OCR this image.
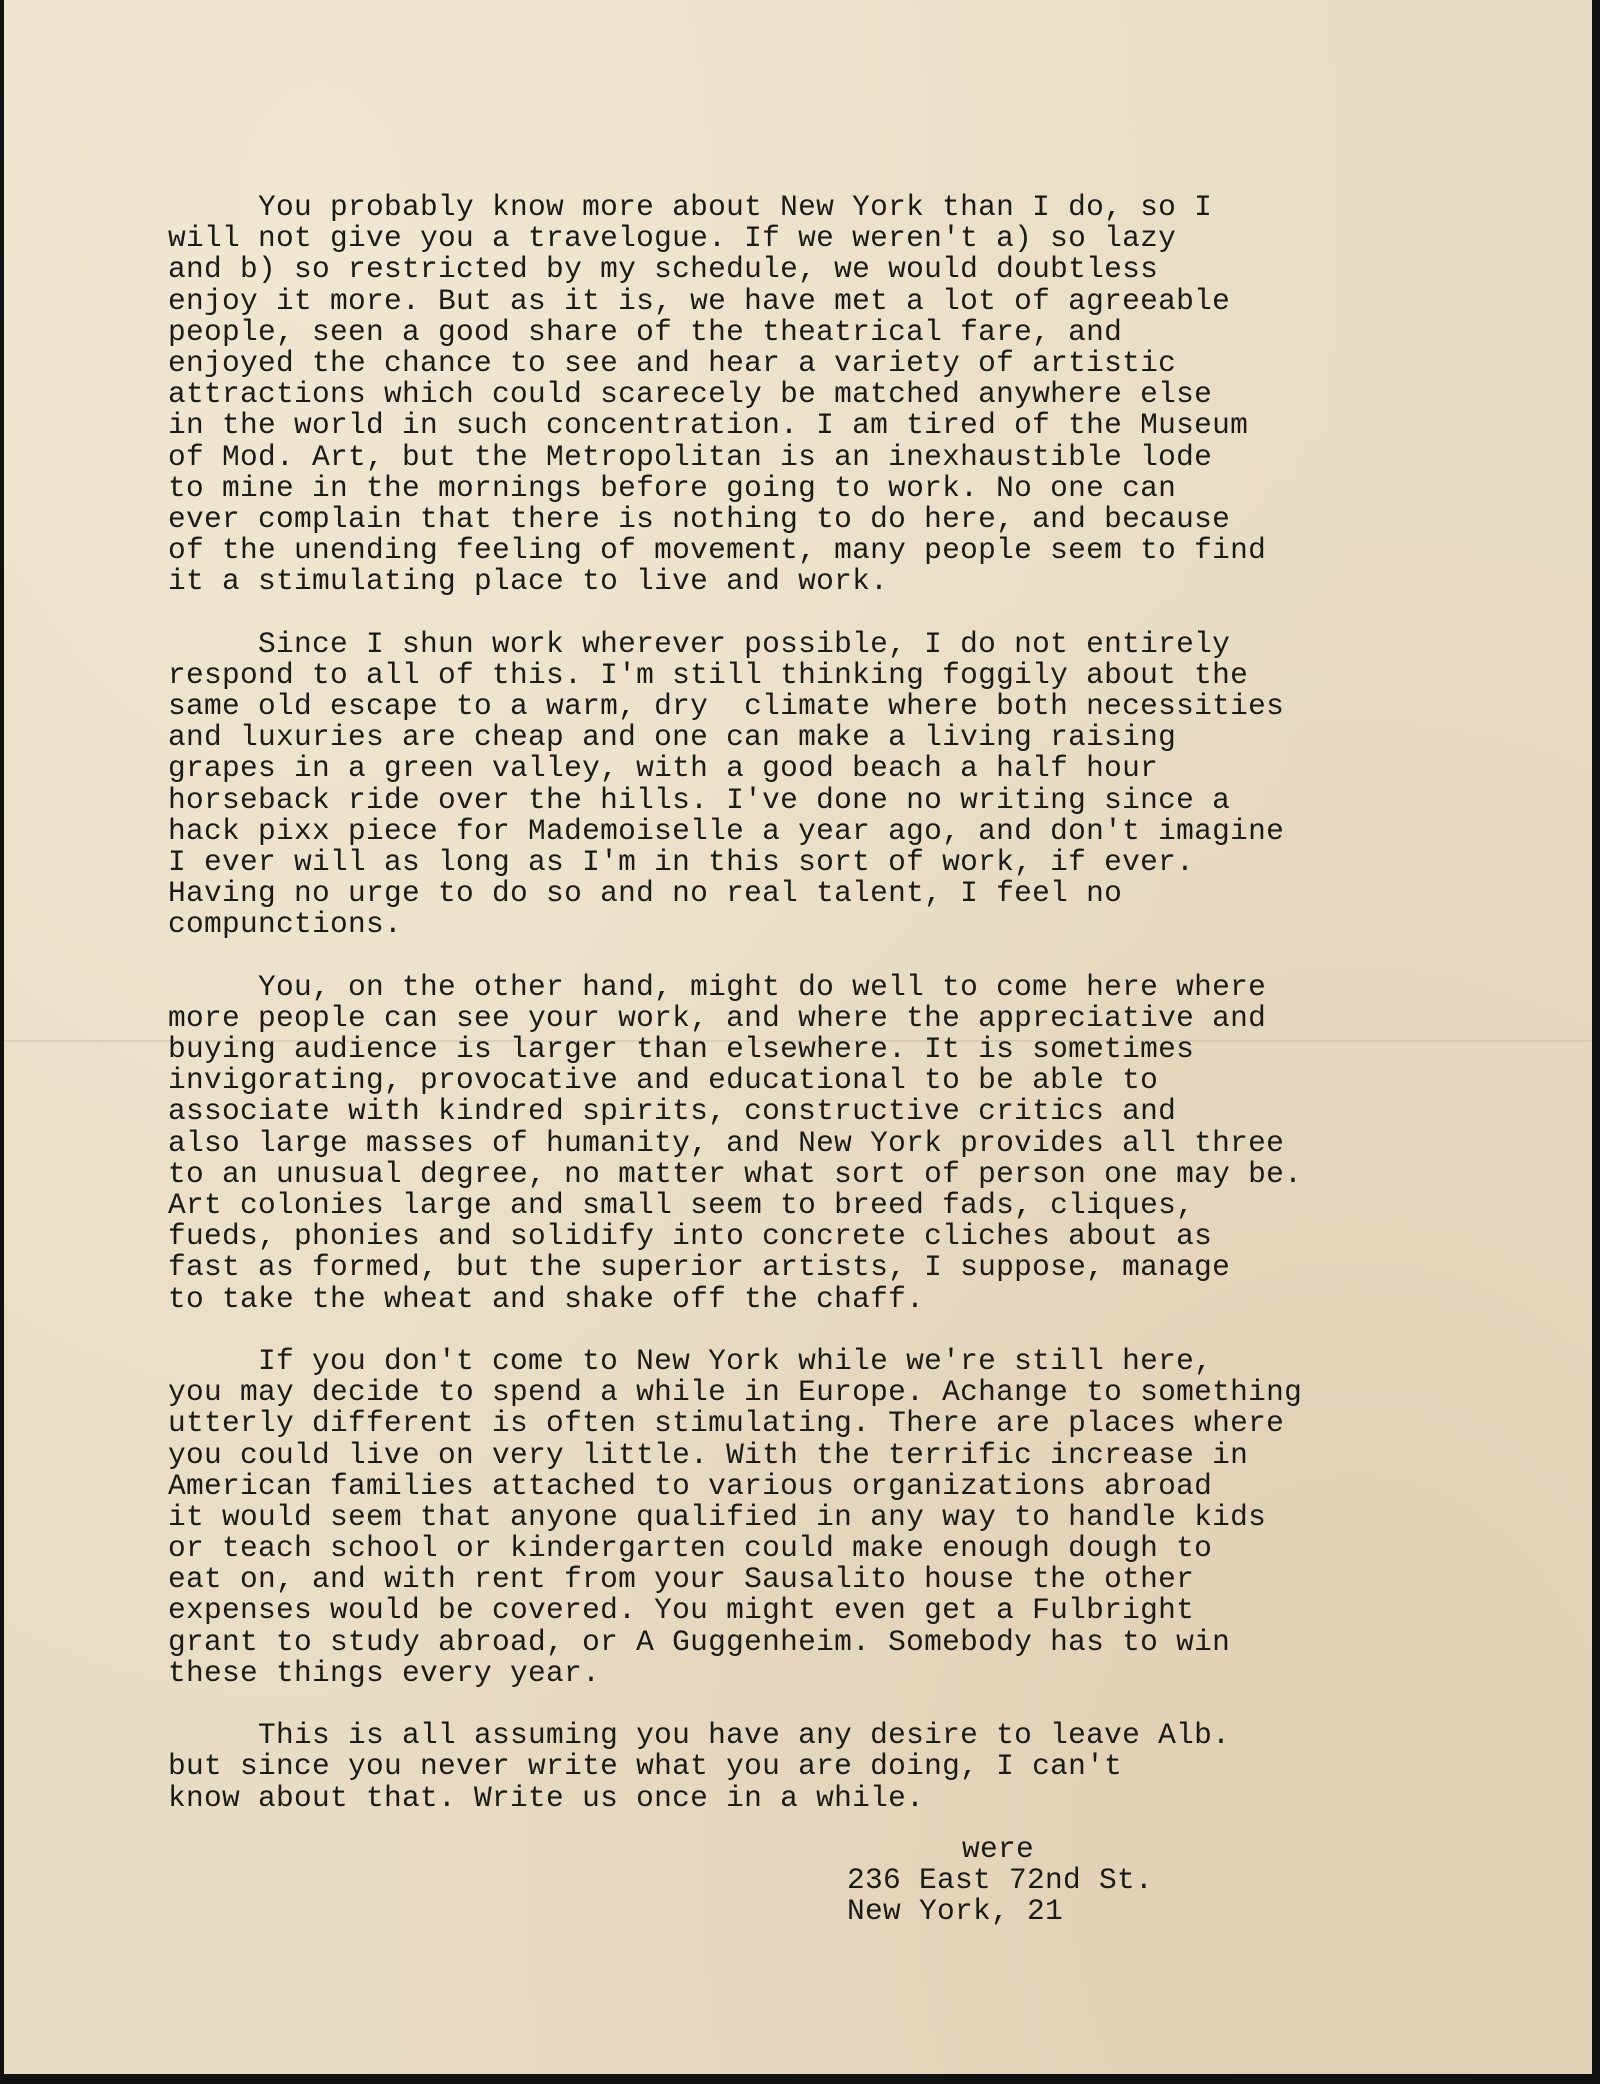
You probably know more about New York than I do, so I
will not give you a travelogue. If we weren't a) so lazy
and b) so restricted by my schedule, we would doubtless
enjoy it more. But as it is, we have met a lot of agreeable
people, seen a good share of the theatrical fare, and
enjoyed the chance to see and hear a variety of artistic
attractions which could scarecely be matched anywhere else
in the world in such concentration. I am tired of the Museum
of Mod. Art, but the Metropolitan is an inexhaustible lode
to mine in the mornings before going to work. No one can
ever complain that there is nothing to do here, and because
of the unending feeling of movement, many people seem to find
it a stimulating place to live and work.
Since I shun work wherever possible, I do not entirely
respond to all of this. I'm still thinking foggily about the
same old escape to a warm, dry  climate where both necessities
and luxuries are cheap and one can make a living raising
grapes in a green valley, with a good beach a half hour
horseback ride over the hills. I've done no writing since a
hack pixx piece for Mademoiselle a year ago, and don't imagine
I ever will as long as I'm in this sort of work, if ever.
Having no urge to do so and no real talent, I feel no
compunctions.
You, on the other hand, might do well to come here where
more people can see your work, and where the appreciative and
buying audience is larger than elsewhere. It is sometimes
invigorating, provocative and educational to be able to
associate with kindred spirits, constructive critics and
also large masses of humanity, and New York provides all three
to an unusual degree, no matter what sort of person one may be.
Art colonies large and small seem to breed fads, cliques,
fueds, phonies and solidify into concrete cliches about as
fast as formed, but the superior artists, I suppose, manage
to take the wheat and shake off the chaff.
If you don't come to New York while we're still here,
you may decide to spend a while in Europe. Achange to something
utterly different is often stimulating. There are places where
you could live on very little. With the terrific increase in
American families attached to various organizations abroad
it would seem that anyone qualified in any way to handle kids
or teach school or kindergarten could make enough dough to
eat on, and with rent from your Sausalito house the other
expenses would be covered. You might even get a Fulbright
grant to study abroad, or A Guggenheim. Somebody has to win
these things every year.
This is all assuming you have any desire to leave Alb.
but since you never write what you are doing, I can't
know about that. Write us once in a while.
were
236 East 72nd St.
New York, 21
